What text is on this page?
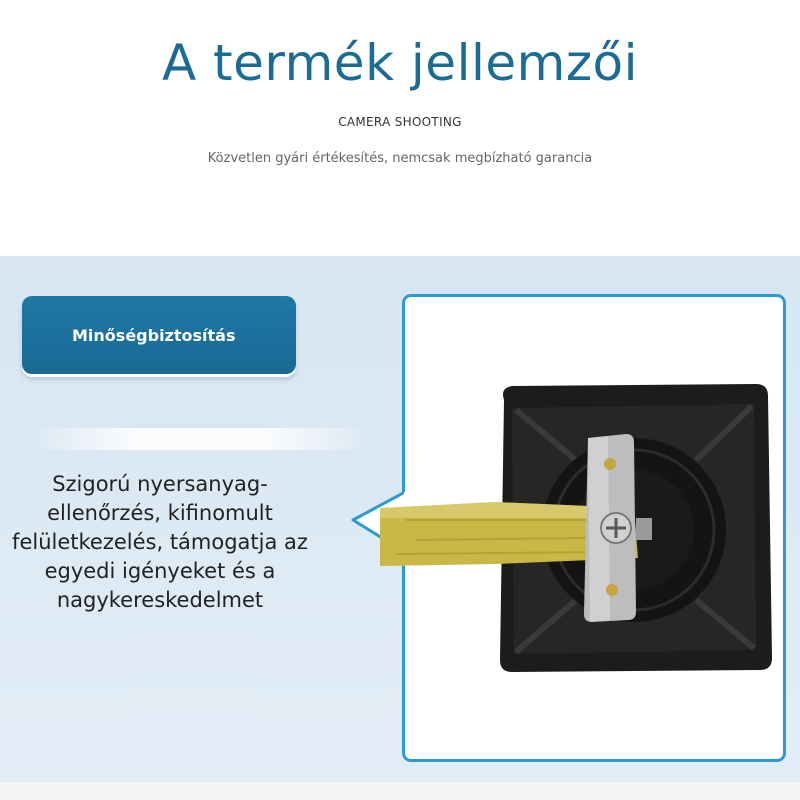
A termék jellemzői
CAMERA SHOOTING
Közvetlen gyári értékesítés, nemcsak megbízható garancia
Minőségbiztosítás
Szigorú nyersanyag-ellenőrzés, kifinomult felületkezelés, támogatja az egyedi igényeket és a nagykereskedelmet
